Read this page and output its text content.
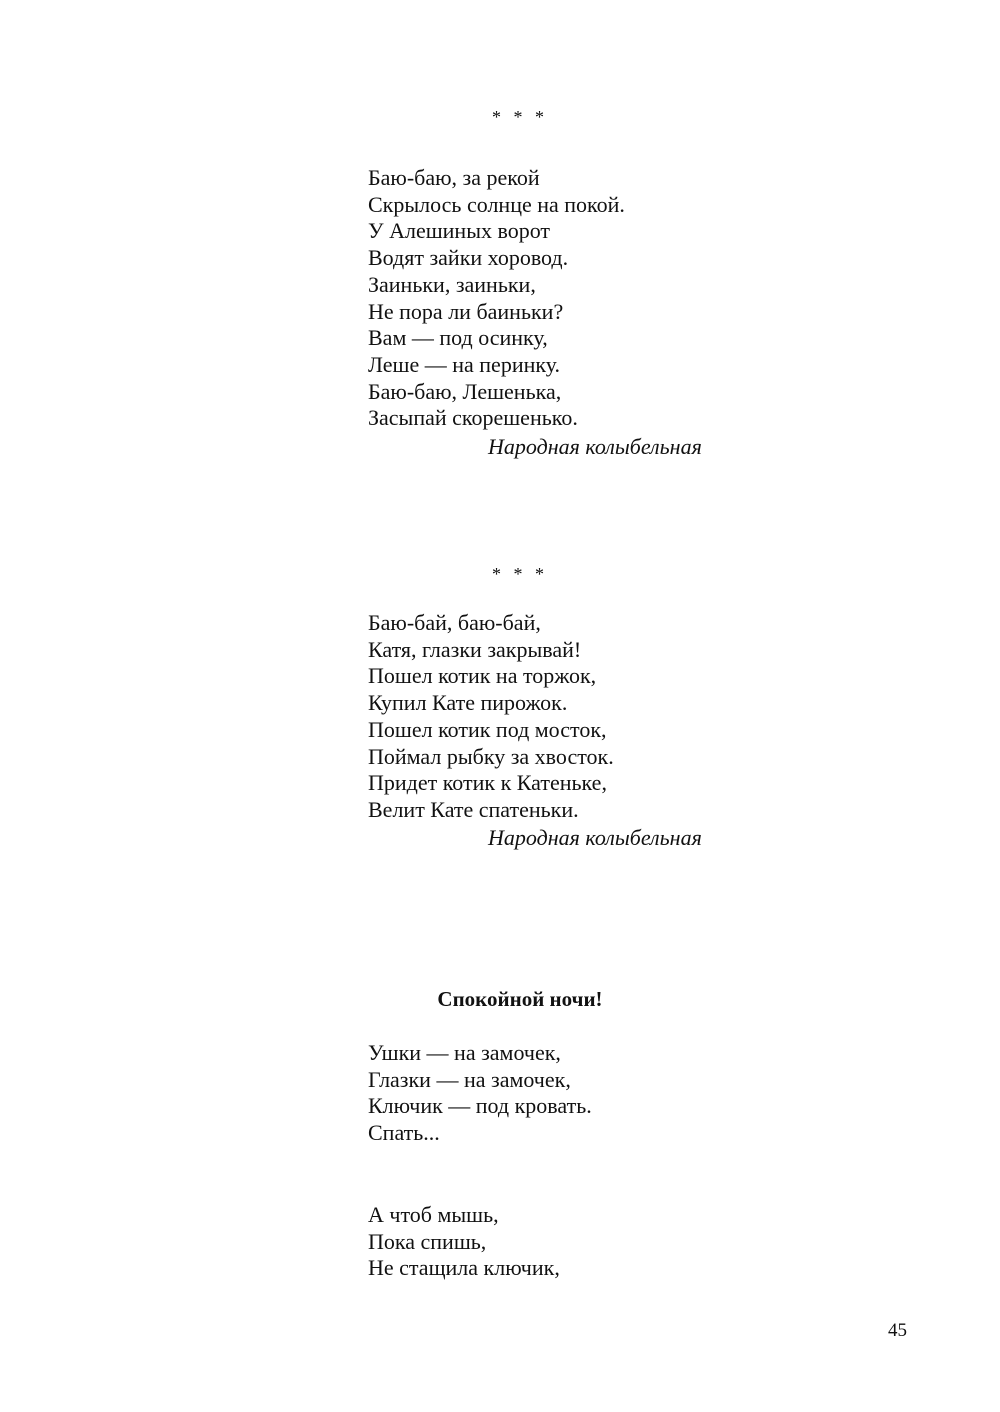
* * *
Баю-баю, за рекой
Скрылось солнце на покой.
У Алешиных ворот
Водят зайки хоровод.
Заиньки, заиньки,
Не пора ли баиньки?
Вам — под осинку,
Леше — на перинку.
Баю-баю, Лешенька,
Засыпай скорешенько.
Народная колыбельная
* * *
Баю-бай, баю-бай,
Катя, глазки закрывай!
Пошел котик на торжок,
Купил Кате пирожок.
Пошел котик под мосток,
Поймал рыбку за хвосток.
Придет котик к Катеньке,
Велит Кате спатеньки.
Народная колыбельная
Спокойной ночи!
Ушки — на замочек,
Глазки — на замочек,
Ключик — под кровать.
Спать...
А чтоб мышь,
Пока спишь,
Не стащила ключик,
45
